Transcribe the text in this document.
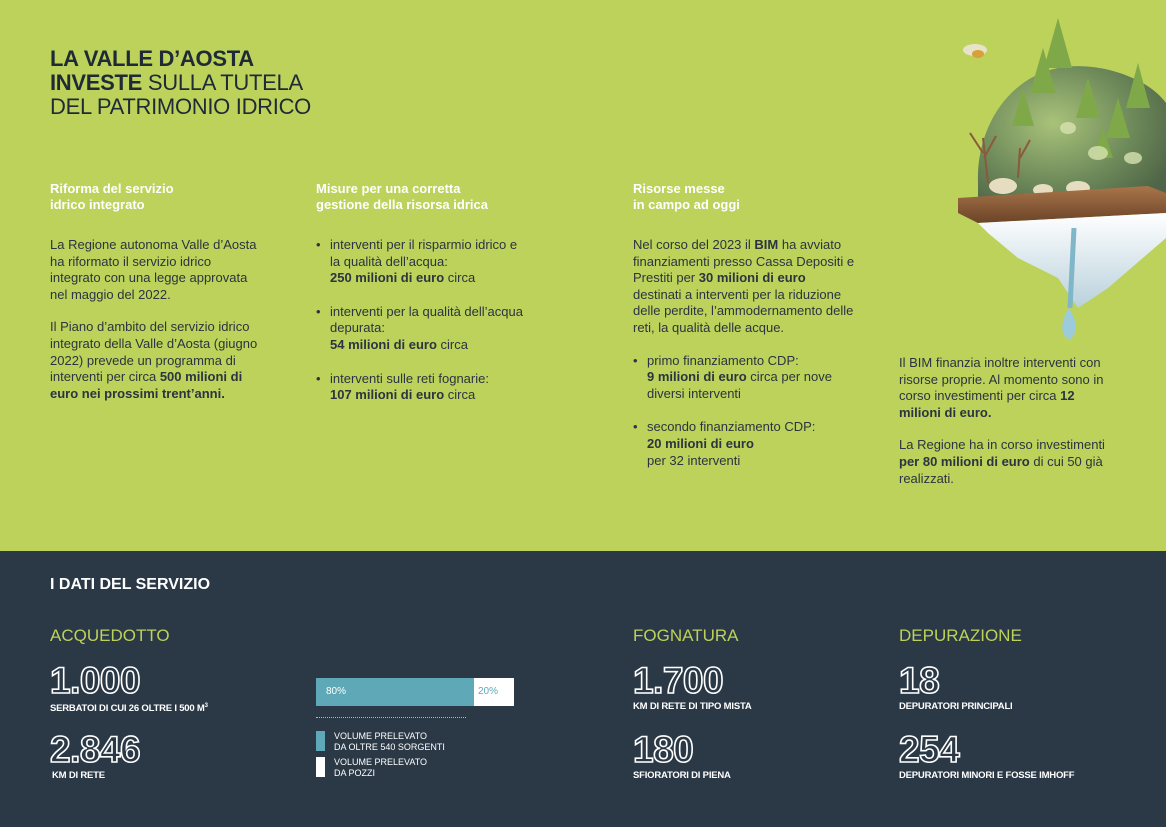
LA VALLE D’AOSTA
INVESTE SULLA TUTELA
DEL PATRIMONIO IDRICO
Riforma del servizio
idrico integrato

La Regione autonoma Valle d’Aosta ha riformato il servizio idrico integrato con una legge approvata nel maggio del 2022.

Il Piano d’ambito del servizio idrico integrato della Valle d’Aosta (giugno 2022) prevede un programma di interventi per circa 500 milioni di euro nei prossimi trent’anni.

Misure per una corretta
gestione della risorsa idrica
• interventi per il risparmio idrico e la qualità dell’acqua:
250 milioni di euro circa
• interventi per la qualità dell’acqua depurata:
54 milioni di euro circa
• interventi sulle reti fognarie:
107 milioni di euro circa
Risorse messe
in campo ad oggi

Nel corso del 2023 il BIM ha avviato finanziamenti presso Cassa Depositi e Prestiti per 30 milioni di euro destinati a interventi per la riduzione delle perdite, l’ammodernamento delle reti, la qualità delle acque.

• primo finanziamento CDP:
9 milioni di euro circa per nove diversi interventi
• secondo finanziamento CDP:
20 milioni di euro
per 32 interventi

Il BIM finanzia inoltre interventi con risorse proprie. Al momento sono in corso investimenti per circa 12 milioni di euro.

La Regione ha in corso investimenti per 80 milioni di euro di cui 50 già realizzati.

I DATI DEL SERVIZIO
ACQUEDOTTO
1.000
SERBATOI DI CUI 26 OLTRE I 500 $M^3$
2.846
KM DI RETE
80%	20%
VOLUME PRELEVATO
DA OLTRE 540 SORGENTI
VOLUME PRELEVATO
DA POZZI
FOGNATURA
1.700
KM DI RETE DI TIPO MISTA
180
SFIORATORI DI PIENA
DEPURAZIONE
18
DEPURATORI PRINCIPALI
254
DEPURATORI MINORI E FOSSE IMHOFF
